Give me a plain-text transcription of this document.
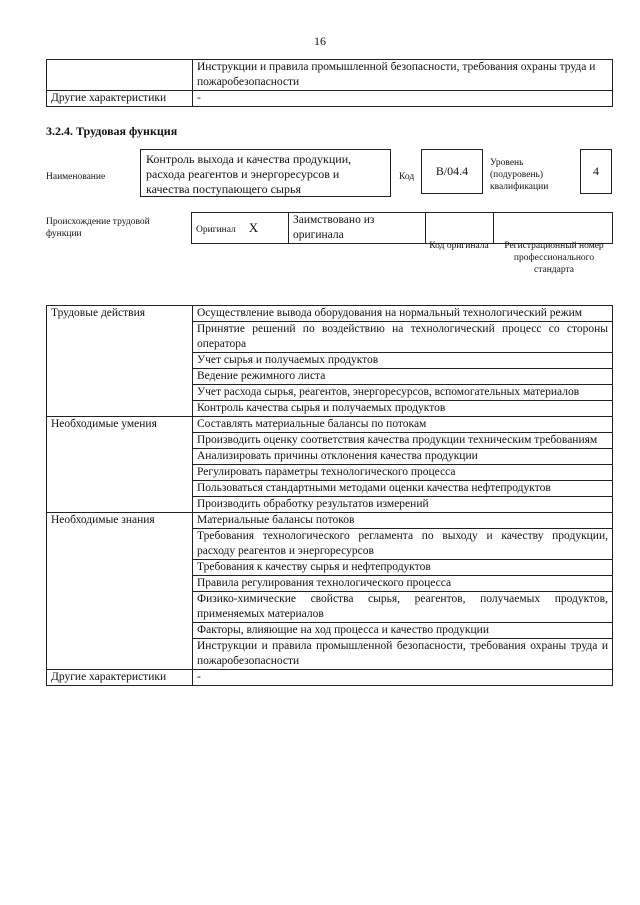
16
	Инструкции и правила промышленной безопасности, требования охраны труда и пожаробезопасности
Другие характеристики	-
3.2.4. Трудовая функция
Наименование
Контроль выхода и качества продукции, расхода реагентов и энергоресурсов и качества поступающего сырья
Код	B/04.4
Уровень (подуровень) квалификации
4
Происхождение трудовой функции	Оригинал X	Заимствовано из оригинала		
Код оригинала	Регистрационный номер профессионального стандарта
Трудовые действия	Осуществление вывода оборудования на нормальный технологический режим
	Принятие решений по воздействию на технологический процесс со стороны оператора
	Учет сырья и получаемых продуктов
	Ведение режимного листа
	Учет расхода сырья, реагентов, энергоресурсов, вспомогательных материалов
	Контроль качества сырья и получаемых продуктов
Необходимые умения	Составлять материальные балансы по потокам
	Производить оценку соответствия качества продукции техническим требованиям
	Анализировать причины отклонения качества продукции
	Регулировать параметры технологического процесса
	Пользоваться стандартными методами оценки качества нефтепродуктов
	Производить обработку результатов измерений
Необходимые знания	Материальные балансы потоков
	Требования технологического регламента по выходу и качеству продукции, расходу реагентов и энергоресурсов
	Требования к качеству сырья и нефтепродуктов
	Правила регулирования технологического процесса
	Физико-химические свойства сырья, реагентов, получаемых продуктов, применяемых материалов
	Факторы, влияющие на ход процесса и качество продукции
	Инструкции и правила промышленной безопасности, требования охраны труда и пожаробезопасности
Другие характеристики	-
